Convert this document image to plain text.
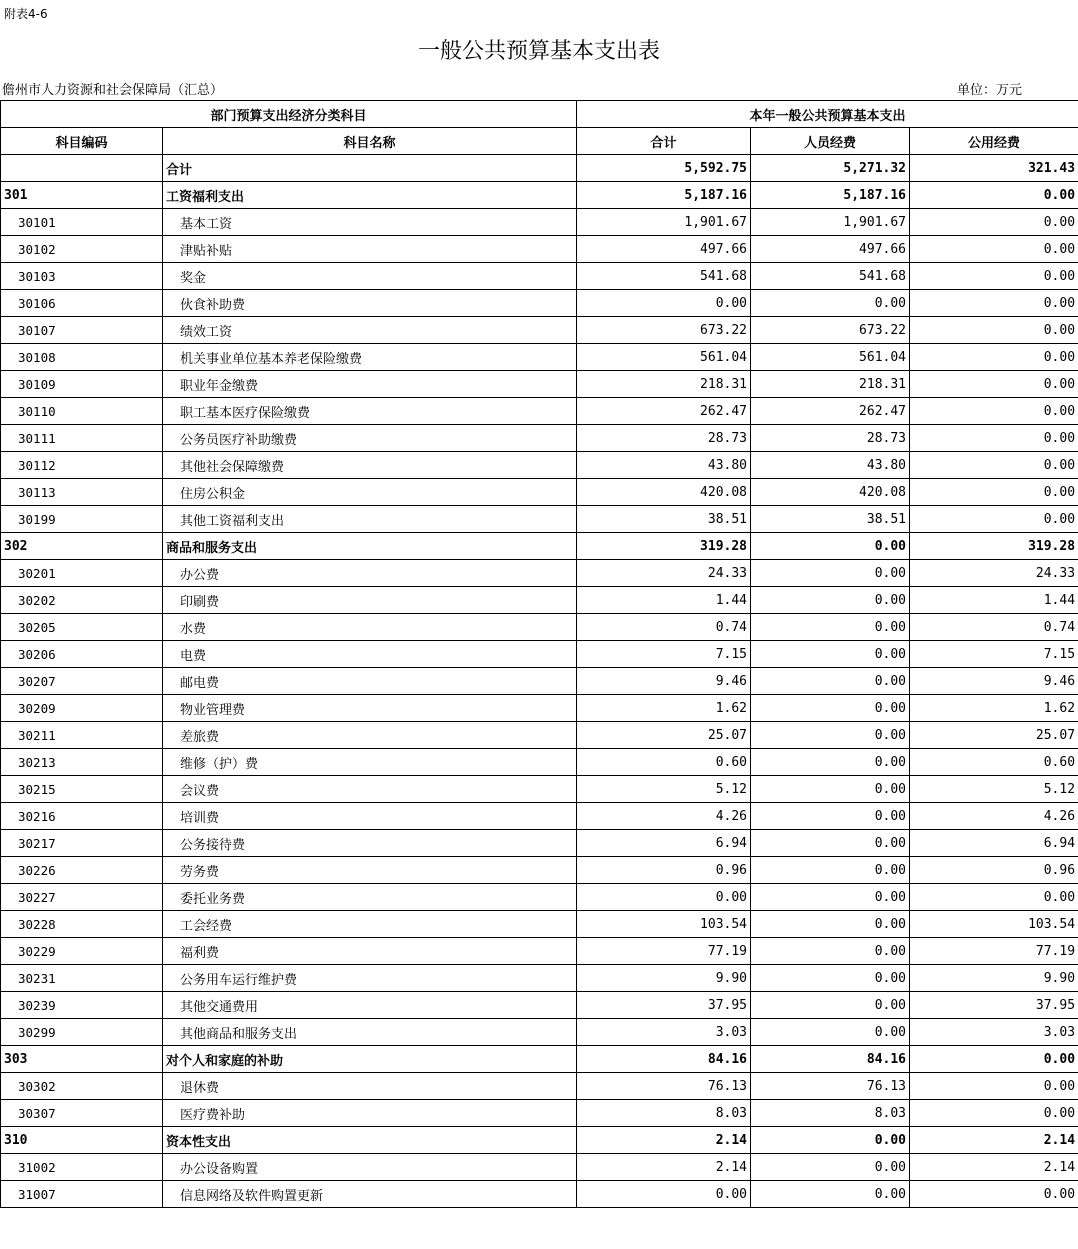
附表4-6
一般公共预算基本支出表
儋州市人力资源和社会保障局（汇总）	单位：万元
部门预算支出经济分类科目		本年一般公共预算基本支出		
科目编码	科目名称	合计	人员经费	公用经费
	合计	5,592.75	5,271.32	321.43
301	工资福利支出	5,187.16	5,187.16	0.00
30101	基本工资	1,901.67	1,901.67	0.00
30102	津贴补贴	497.66	497.66	0.00
30103	奖金	541.68	541.68	0.00
30106	伙食补助费	0.00	0.00	0.00
30107	绩效工资	673.22	673.22	0.00
30108	机关事业单位基本养老保险缴费	561.04	561.04	0.00
30109	职业年金缴费	218.31	218.31	0.00
30110	职工基本医疗保险缴费	262.47	262.47	0.00
30111	公务员医疗补助缴费	28.73	28.73	0.00
30112	其他社会保障缴费	43.80	43.80	0.00
30113	住房公积金	420.08	420.08	0.00
30199	其他工资福利支出	38.51	38.51	0.00
302	商品和服务支出	319.28	0.00	319.28
30201	办公费	24.33	0.00	24.33
30202	印刷费	1.44	0.00	1.44
30205	水费	0.74	0.00	0.74
30206	电费	7.15	0.00	7.15
30207	邮电费	9.46	0.00	9.46
30209	物业管理费	1.62	0.00	1.62
30211	差旅费	25.07	0.00	25.07
30213	维修（护）费	0.60	0.00	0.60
30215	会议费	5.12	0.00	5.12
30216	培训费	4.26	0.00	4.26
30217	公务接待费	6.94	0.00	6.94
30226	劳务费	0.96	0.00	0.96
30227	委托业务费	0.00	0.00	0.00
30228	工会经费	103.54	0.00	103.54
30229	福利费	77.19	0.00	77.19
30231	公务用车运行维护费	9.90	0.00	9.90
30239	其他交通费用	37.95	0.00	37.95
30299	其他商品和服务支出	3.03	0.00	3.03
303	对个人和家庭的补助	84.16	84.16	0.00
30302	退休费	76.13	76.13	0.00
30307	医疗费补助	8.03	8.03	0.00
310	资本性支出	2.14	0.00	2.14
31002	办公设备购置	2.14	0.00	2.14
31007	信息网络及软件购置更新	0.00	0.00	0.00
